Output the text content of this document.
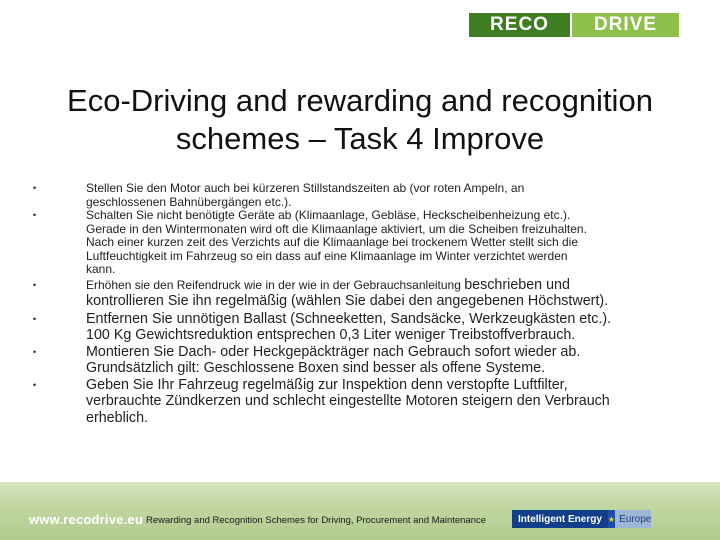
RECO	DRIVE
Eco-Driving and rewarding and recognition
schemes – Task 4 Improve
•	Stellen Sie den Motor auch bei kürzeren Stillstandszeiten ab (vor roten Ampeln, an
geschlossenen Bahnübergängen etc.).
•	Schalten Sie nicht benötigte Geräte ab (Klimaanlage, Gebläse, Heckscheibenheizung etc.).
Gerade in den Wintermonaten wird oft die Klimaanlage aktiviert, um die Scheiben freizuhalten.
Nach einer kurzen zeit des Verzichts auf die Klimaanlage bei trockenem Wetter stellt sich die
Luftfeuchtigkeit im Fahrzeug so ein dass auf eine Klimaanlage im Winter verzichtet werden
kann.
•	Erhöhen sie den Reifendruck wie in der wie in der Gebrauchsanleitung beschrieben und
kontrollieren Sie ihn regelmäßig (wählen Sie dabei den angegebenen Höchstwert).
•	Entfernen Sie unnötigen Ballast (Schneeketten, Sandsäcke, Werkzeugkästen etc.).
100 Kg Gewichtsreduktion entsprechen 0,3 Liter weniger Treibstoffverbrauch.
•	Montieren Sie Dach- oder Heckgepäckträger nach Gebrauch sofort wieder ab.
Grundsätzlich gilt: Geschlossene Boxen sind besser als offene Systeme.
•	Geben Sie Ihr Fahrzeug regelmäßig zur Inspektion denn verstopfte Luftfilter,
verbrauchte Zündkerzen und schlecht eingestellte Motoren steigern den Verbrauch
erheblich.
www.recodrive.eu Rewarding and Recognition Schemes for Driving, Procurement and Maintenance	Intelligent Energy ★ Europe
